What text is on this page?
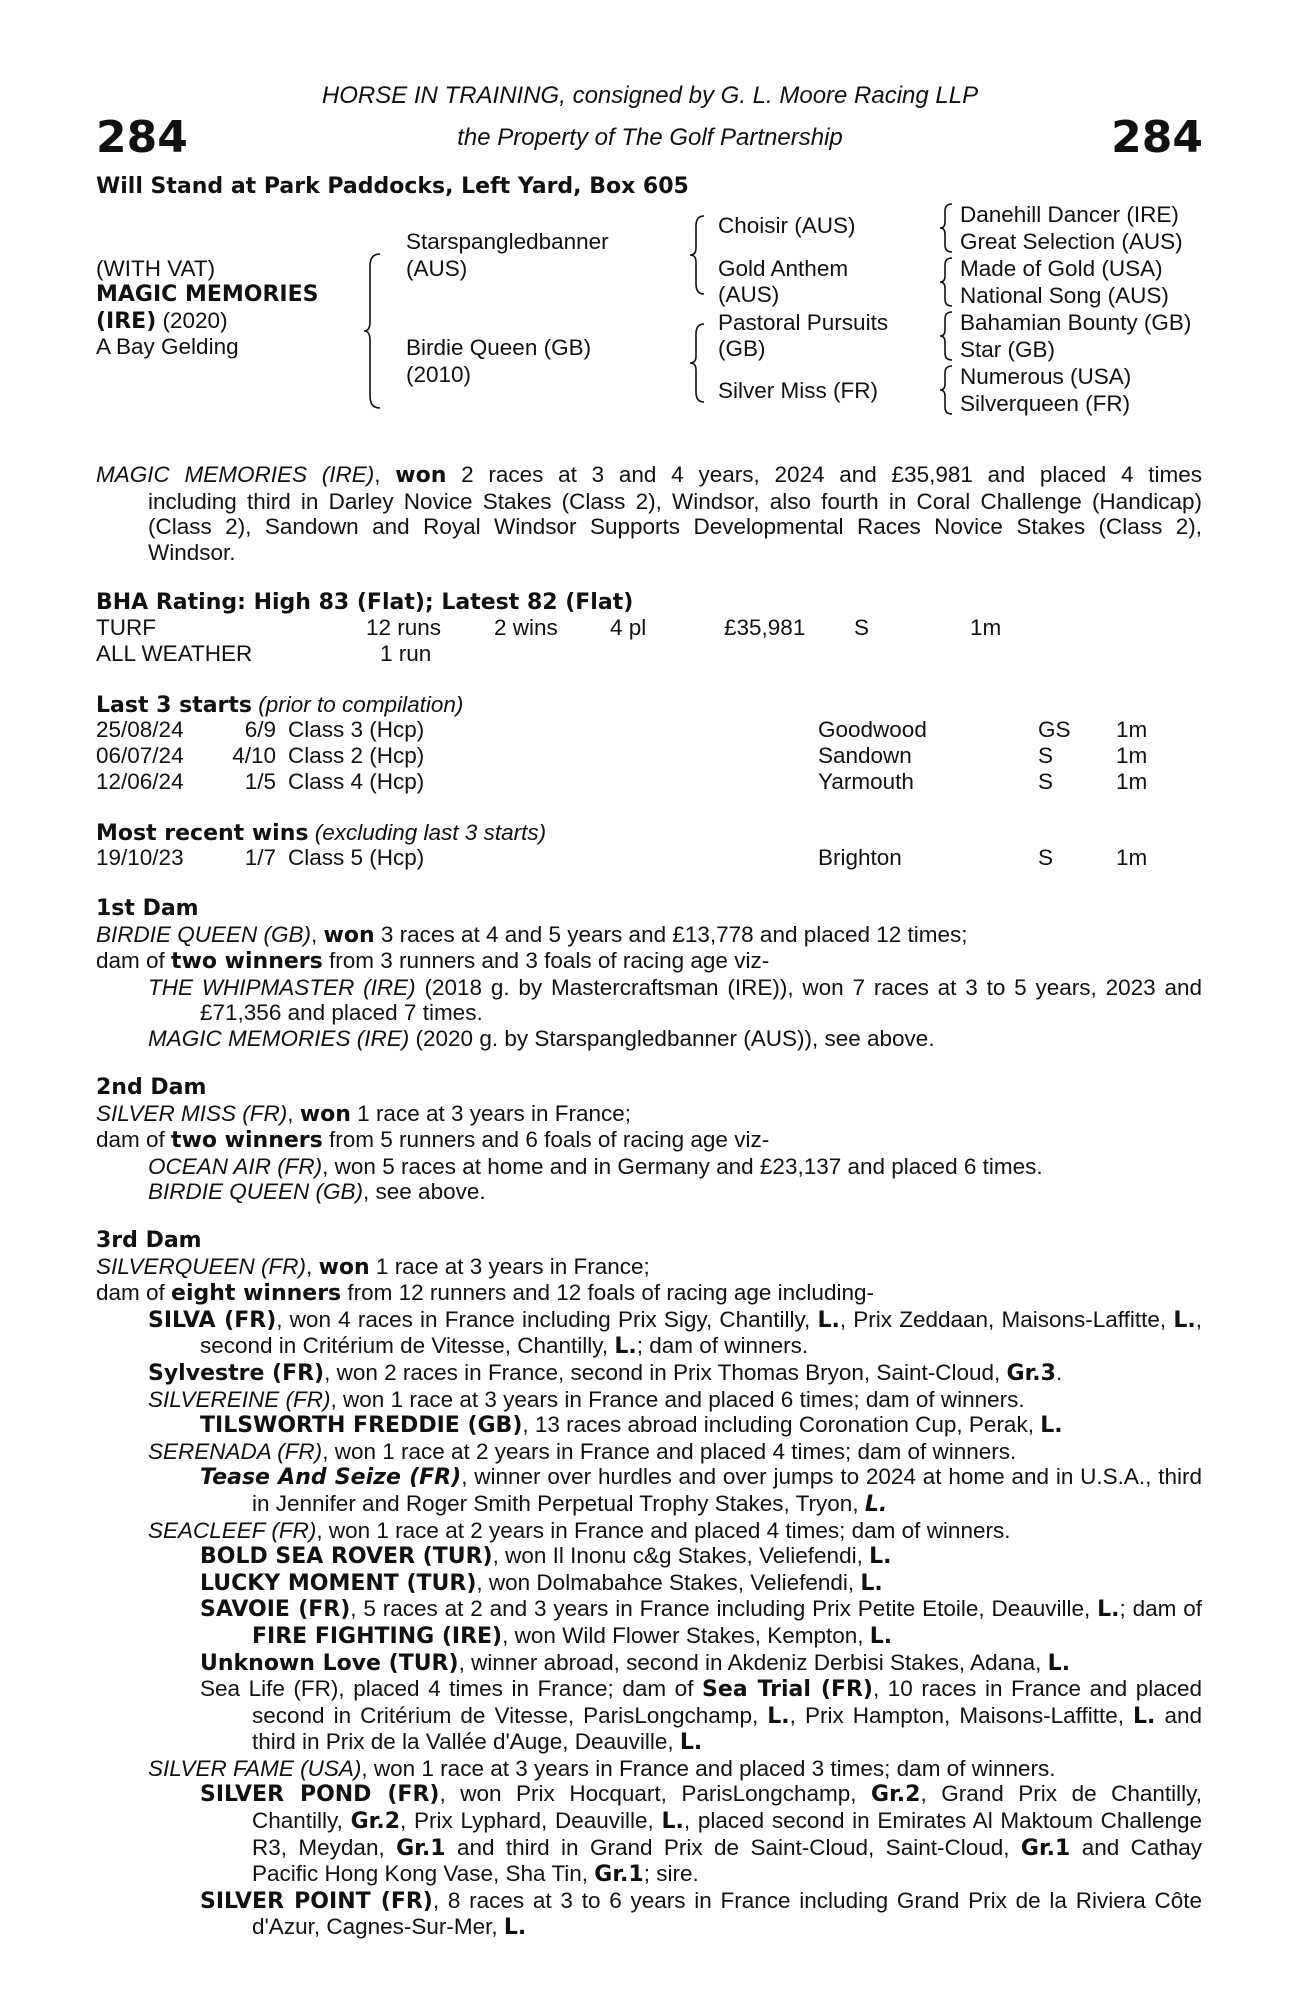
284	284
HORSE IN TRAINING, consigned by G. L. Moore Racing LLP
the Property of The Golf Partnership
Will Stand at Park Paddocks, Left Yard, Box 605
(WITH VAT)
MAGIC MEMORIES
(IRE) (2020)
A Bay Gelding
Starspangledbanner (AUS)
Birdie Queen (GB) (2010)
Choisir (AUS)
Gold Anthem (AUS)
Pastoral Pursuits (GB)
Silver Miss (FR)
Danehill Dancer (IRE)
Great Selection (AUS)
Made of Gold (USA)
National Song (AUS)
Bahamian Bounty (GB)
Star (GB)
Numerous (USA)
Silverqueen (FR)
MAGIC MEMORIES (IRE), won 2 races at 3 and 4 years, 2024 and £35,981 and placed 4 times
including third in Darley Novice Stakes (Class 2), Windsor, also fourth in Coral Challenge (Handicap) (Class 2), Sandown and Royal Windsor Supports Developmental Races Novice Stakes (Class 2), Windsor.
BHA Rating: High 83 (Flat); Latest 82 (Flat)
TURF	12 runs 2 wins 4 pl	£35,981 S	1m
ALL WEATHER	1 run
Last 3 starts (prior to compilation)
25/08/24	6/9 Class 3 (Hcp)	Goodwood	GS 1m
06/07/24	4/10 Class 2 (Hcp)	Sandown	S	1m
12/06/24	1/5 Class 4 (Hcp)	Yarmouth	S	1m
Most recent wins (excluding last 3 starts)
19/10/23	1/7 Class 5 (Hcp)	Brighton	S	1m
1st Dam
BIRDIE QUEEN (GB), won 3 races at 4 and 5 years and £13,778 and placed 12 times;
dam of two winners from 3 runners and 3 foals of racing age viz-
THE WHIPMASTER (IRE) (2018 g. by Mastercraftsman (IRE)), won 7 races at 3 to 5 years, 2023 and £71,356 and placed 7 times.
MAGIC MEMORIES (IRE) (2020 g. by Starspangledbanner (AUS)), see above.
2nd Dam
SILVER MISS (FR), won 1 race at 3 years in France;
dam of two winners from 5 runners and 6 foals of racing age viz-
OCEAN AIR (FR), won 5 races at home and in Germany and £23,137 and placed 6 times.
BIRDIE QUEEN (GB), see above.
3rd Dam
SILVERQUEEN (FR), won 1 race at 3 years in France;
dam of eight winners from 12 runners and 12 foals of racing age including-
SILVA (FR), won 4 races in France including Prix Sigy, Chantilly, L., Prix Zeddaan, Maisons-Laffitte, L., second in Critérium de Vitesse, Chantilly, L.; dam of winners.
Sylvestre (FR), won 2 races in France, second in Prix Thomas Bryon, Saint-Cloud, Gr.3.
SILVEREINE (FR), won 1 race at 3 years in France and placed 6 times; dam of winners.
TILSWORTH FREDDIE (GB), 13 races abroad including Coronation Cup, Perak, L.
SERENADA (FR), won 1 race at 2 years in France and placed 4 times; dam of winners.
Tease And Seize (FR), winner over hurdles and over jumps to 2024 at home and in U.S.A., third in Jennifer and Roger Smith Perpetual Trophy Stakes, Tryon, L.
SEACLEEF (FR), won 1 race at 2 years in France and placed 4 times; dam of winners.
BOLD SEA ROVER (TUR), won Il Inonu c&g Stakes, Veliefendi, L.
LUCKY MOMENT (TUR), won Dolmabahce Stakes, Veliefendi, L.
SAVOIE (FR), 5 races at 2 and 3 years in France including Prix Petite Etoile, Deauville, L.; dam of FIRE FIGHTING (IRE), won Wild Flower Stakes, Kempton, L.
Unknown Love (TUR), winner abroad, second in Akdeniz Derbisi Stakes, Adana, L.
Sea Life (FR), placed 4 times in France; dam of Sea Trial (FR), 10 races in France and placed second in Critérium de Vitesse, ParisLongchamp, L., Prix Hampton, Maisons-Laffitte, L. and third in Prix de la Vallée d'Auge, Deauville, L.
SILVER FAME (USA), won 1 race at 3 years in France and placed 3 times; dam of winners.
SILVER POND (FR), won Prix Hocquart, ParisLongchamp, Gr.2, Grand Prix de Chantilly, Chantilly, Gr.2, Prix Lyphard, Deauville, L., placed second in Emirates Al Maktoum Challenge R3, Meydan, Gr.1 and third in Grand Prix de Saint-Cloud, Saint-Cloud, Gr.1 and Cathay Pacific Hong Kong Vase, Sha Tin, Gr.1; sire.
SILVER POINT (FR), 8 races at 3 to 6 years in France including Grand Prix de la Riviera Côte d'Azur, Cagnes-Sur-Mer, L.
